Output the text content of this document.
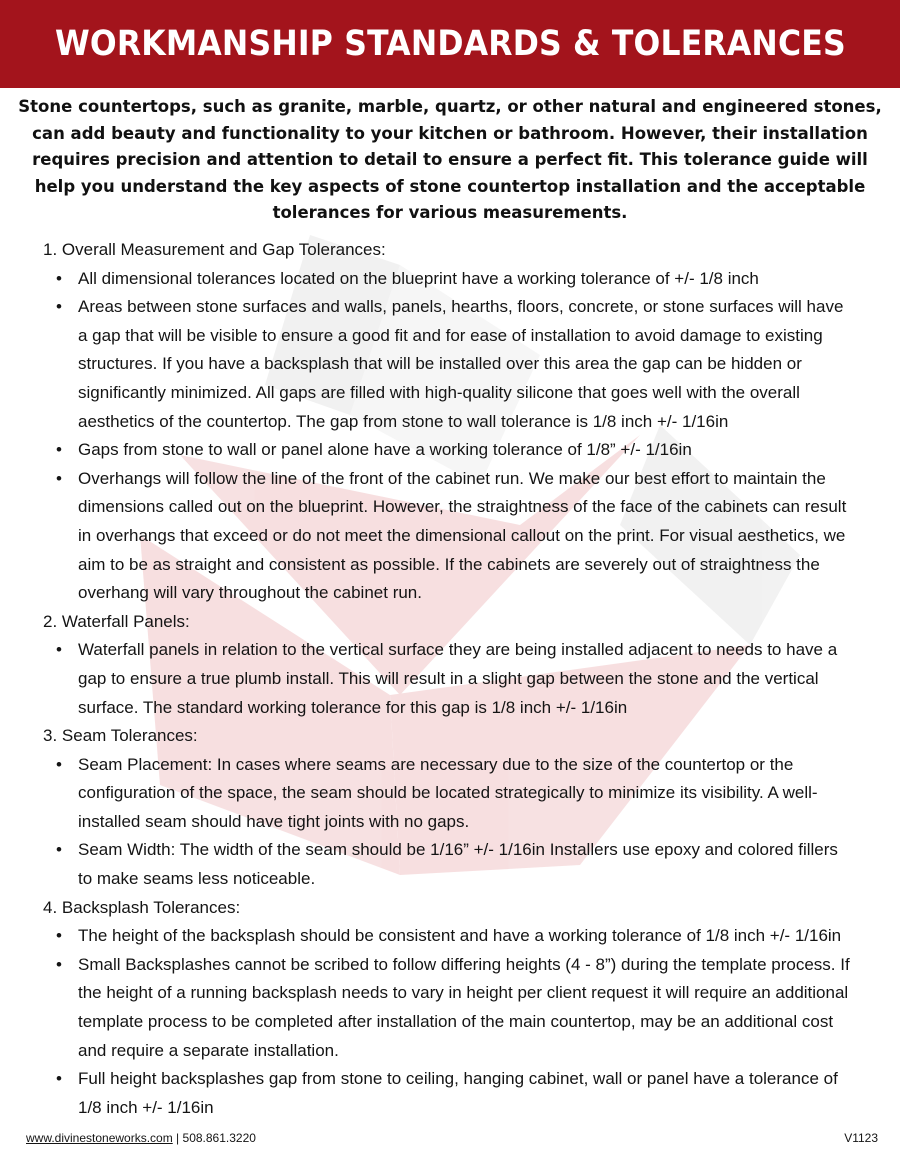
WORKMANSHIP STANDARDS & TOLERANCES
Stone countertops, such as granite, marble, quartz, or other natural and engineered stones, can add beauty and functionality to your kitchen or bathroom. However, their installation requires precision and attention to detail to ensure a perfect fit. This tolerance guide will help you understand the key aspects of stone countertop installation and the acceptable tolerances for various measurements.
1. Overall Measurement and Gap Tolerances:
• All dimensional tolerances located on the blueprint have a working tolerance of +/- 1/8 inch
• Areas between stone surfaces and walls, panels, hearths, floors, concrete, or stone surfaces will have a gap that will be visible to ensure a good fit and for ease of installation to avoid damage to existing structures. If you have a backsplash that will be installed over this area the gap can be hidden or significantly minimized. All gaps are filled with high-quality silicone that goes well with the overall aesthetics of the countertop. The gap from stone to wall tolerance is 1/8 inch +/- 1/16in
• Gaps from stone to wall or panel alone have a working tolerance of 1/8” +/- 1/16in
• Overhangs will follow the line of the front of the cabinet run. We make our best effort to maintain the dimensions called out on the blueprint. However, the straightness of the face of the cabinets can result in overhangs that exceed or do not meet the dimensional callout on the print. For visual aesthetics, we aim to be as straight and consistent as possible. If the cabinets are severely out of straightness the overhang will vary throughout the cabinet run.
2. Waterfall Panels:
• Waterfall panels in relation to the vertical surface they are being installed adjacent to needs to have a gap to ensure a true plumb install. This will result in a slight gap between the stone and the vertical surface. The standard working tolerance for this gap is 1/8 inch +/- 1/16in
3. Seam Tolerances:
• Seam Placement: In cases where seams are necessary due to the size of the countertop or the configuration of the space, the seam should be located strategically to minimize its visibility. A well-installed seam should have tight joints with no gaps.
• Seam Width: The width of the seam should be 1/16” +/- 1/16in Installers use epoxy and colored fillers to make seams less noticeable.
4. Backsplash Tolerances:
• The height of the backsplash should be consistent and have a working tolerance of 1/8 inch +/- 1/16in
• Small Backsplashes cannot be scribed to follow differing heights (4 - 8”) during the template process. If the height of a running backsplash needs to vary in height per client request it will require an additional template process to be completed after installation of the main countertop, may be an additional cost and require a separate installation.
• Full height backsplashes gap from stone to ceiling, hanging cabinet, wall or panel have a tolerance of 1/8 inch +/- 1/16in
www.divinestoneworks.com | 508.861.3220	V1123
